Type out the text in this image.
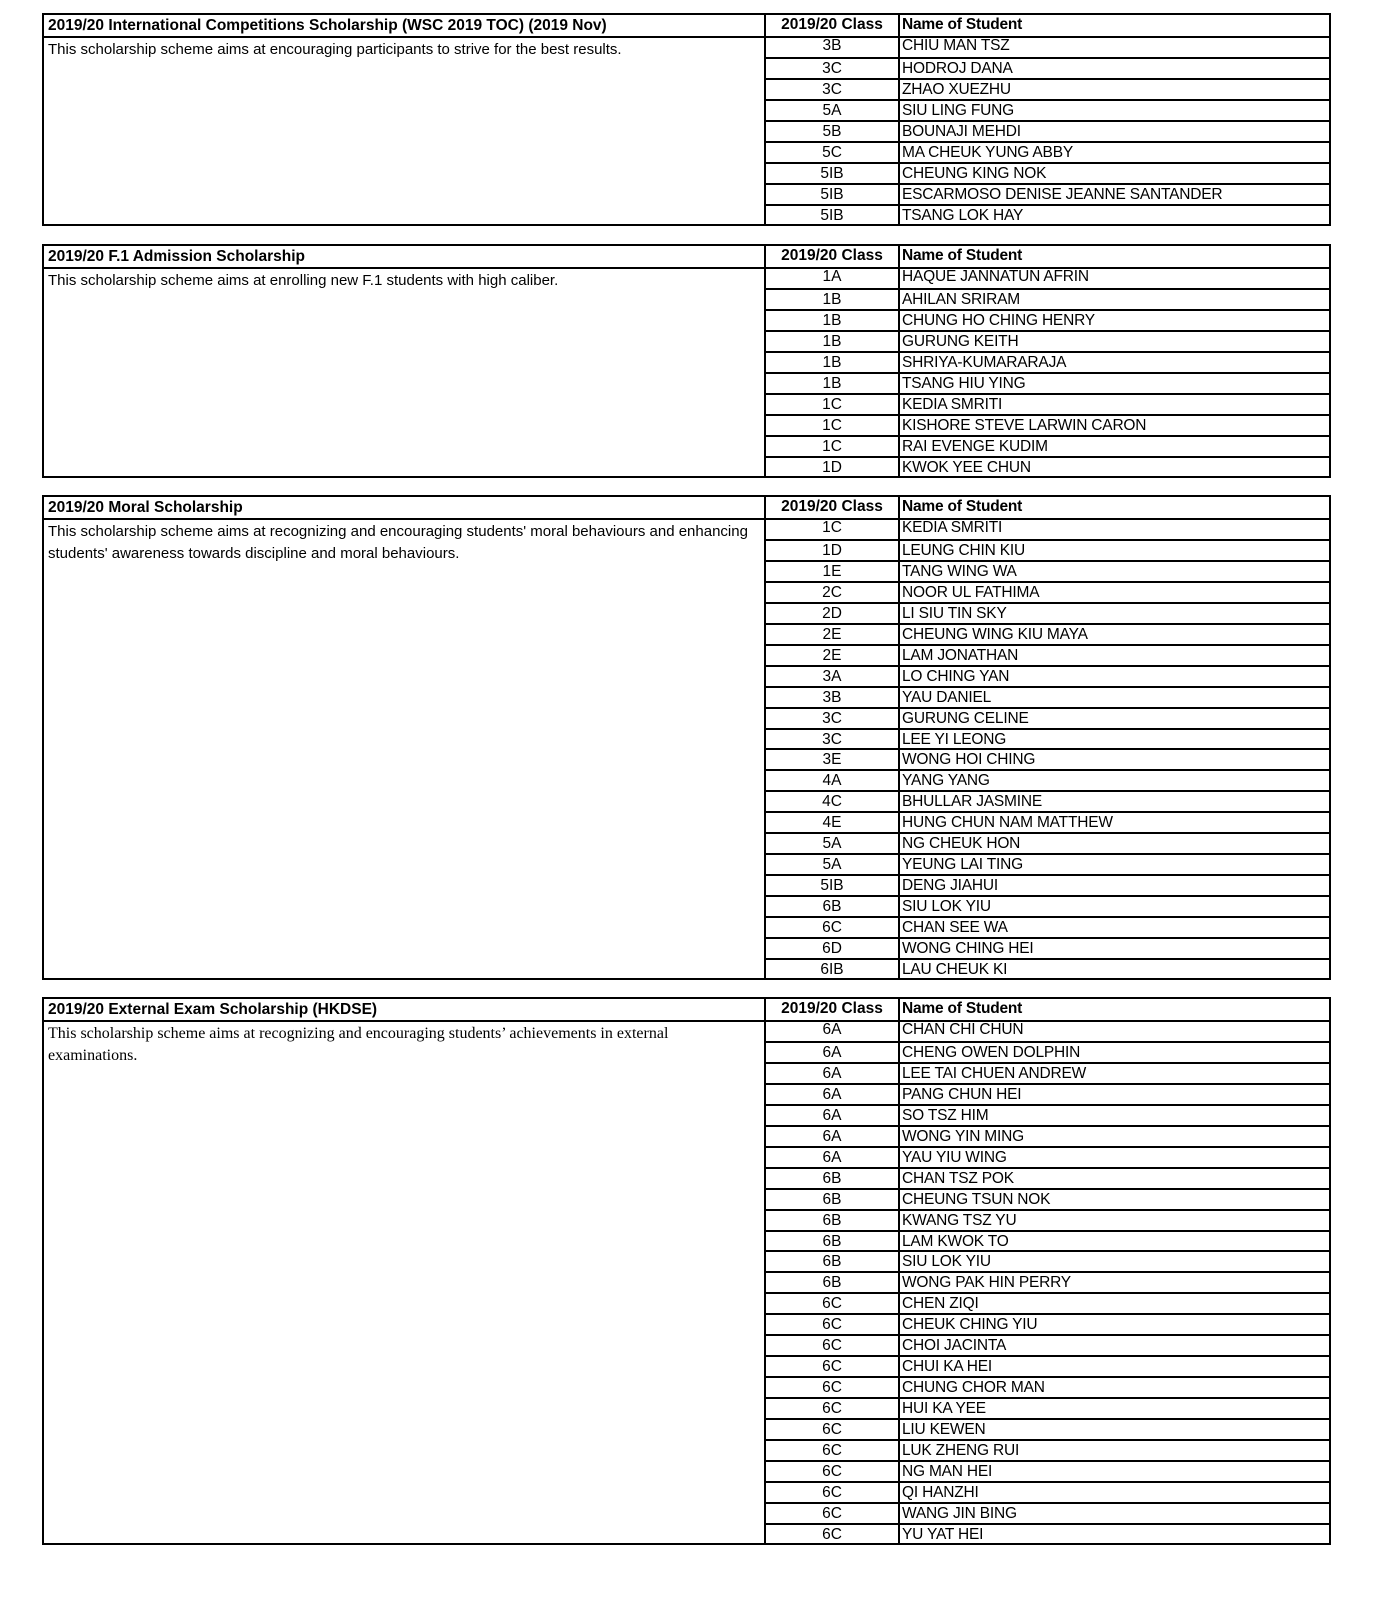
2019/20 International Competitions Scholarship (WSC 2019 TOC) (2019 Nov)
This scholarship scheme aims at encouraging participants to strive for the best results.
2019/20 Class	Name of Student
3B	CHIU MAN TSZ
3C	HODROJ DANA
3C	ZHAO XUEZHU
5A	SIU LING FUNG
5B	BOUNAJI MEHDI
5C	MA CHEUK YUNG ABBY
5IB	CHEUNG KING NOK
5IB	ESCARMOSO DENISE JEANNE SANTANDER
5IB	TSANG LOK HAY
2019/20 F.1 Admission Scholarship
This scholarship scheme aims at enrolling new F.1 students with high caliber.
2019/20 Class	Name of Student
1A	HAQUE JANNATUN AFRIN
1B	AHILAN SRIRAM
1B	CHUNG HO CHING HENRY
1B	GURUNG KEITH
1B	SHRIYA-KUMARARAJA
1B	TSANG HIU YING
1C	KEDIA SMRITI
1C	KISHORE STEVE LARWIN CARON
1C	RAI EVENGE KUDIM
1D	KWOK YEE CHUN
2019/20 Moral Scholarship
This scholarship scheme aims at recognizing and encouraging students' moral behaviours and enhancing students' awareness towards discipline and moral behaviours.
2019/20 Class	Name of Student
1C	KEDIA SMRITI
1D	LEUNG CHIN KIU
1E	TANG WING WA
2C	NOOR UL FATHIMA
2D	LI SIU TIN SKY
2E	CHEUNG WING KIU MAYA
2E	LAM JONATHAN
3A	LO CHING YAN
3B	YAU DANIEL
3C	GURUNG CELINE
3C	LEE YI LEONG
3E	WONG HOI CHING
4A	YANG YANG
4C	BHULLAR JASMINE
4E	HUNG CHUN NAM MATTHEW
5A	NG CHEUK HON
5A	YEUNG LAI TING
5IB	DENG JIAHUI
6B	SIU LOK YIU
6C	CHAN SEE WA
6D	WONG CHING HEI
6IB	LAU CHEUK KI
2019/20 External Exam Scholarship (HKDSE)
This scholarship scheme aims at recognizing and encouraging students’ achievements in external examinations.
2019/20 Class	Name of Student
6A	CHAN CHI CHUN
6A	CHENG OWEN DOLPHIN
6A	LEE TAI CHUEN ANDREW
6A	PANG CHUN HEI
6A	SO TSZ HIM
6A	WONG YIN MING
6A	YAU YIU WING
6B	CHAN TSZ POK
6B	CHEUNG TSUN NOK
6B	KWANG TSZ YU
6B	LAM KWOK TO
6B	SIU LOK YIU
6B	WONG PAK HIN PERRY
6C	CHEN ZIQI
6C	CHEUK CHING YIU
6C	CHOI JACINTA
6C	CHUI KA HEI
6C	CHUNG CHOR MAN
6C	HUI KA YEE
6C	LIU KEWEN
6C	LUK ZHENG RUI
6C	NG MAN HEI
6C	QI HANZHI
6C	WANG JIN BING
6C	YU YAT HEI
